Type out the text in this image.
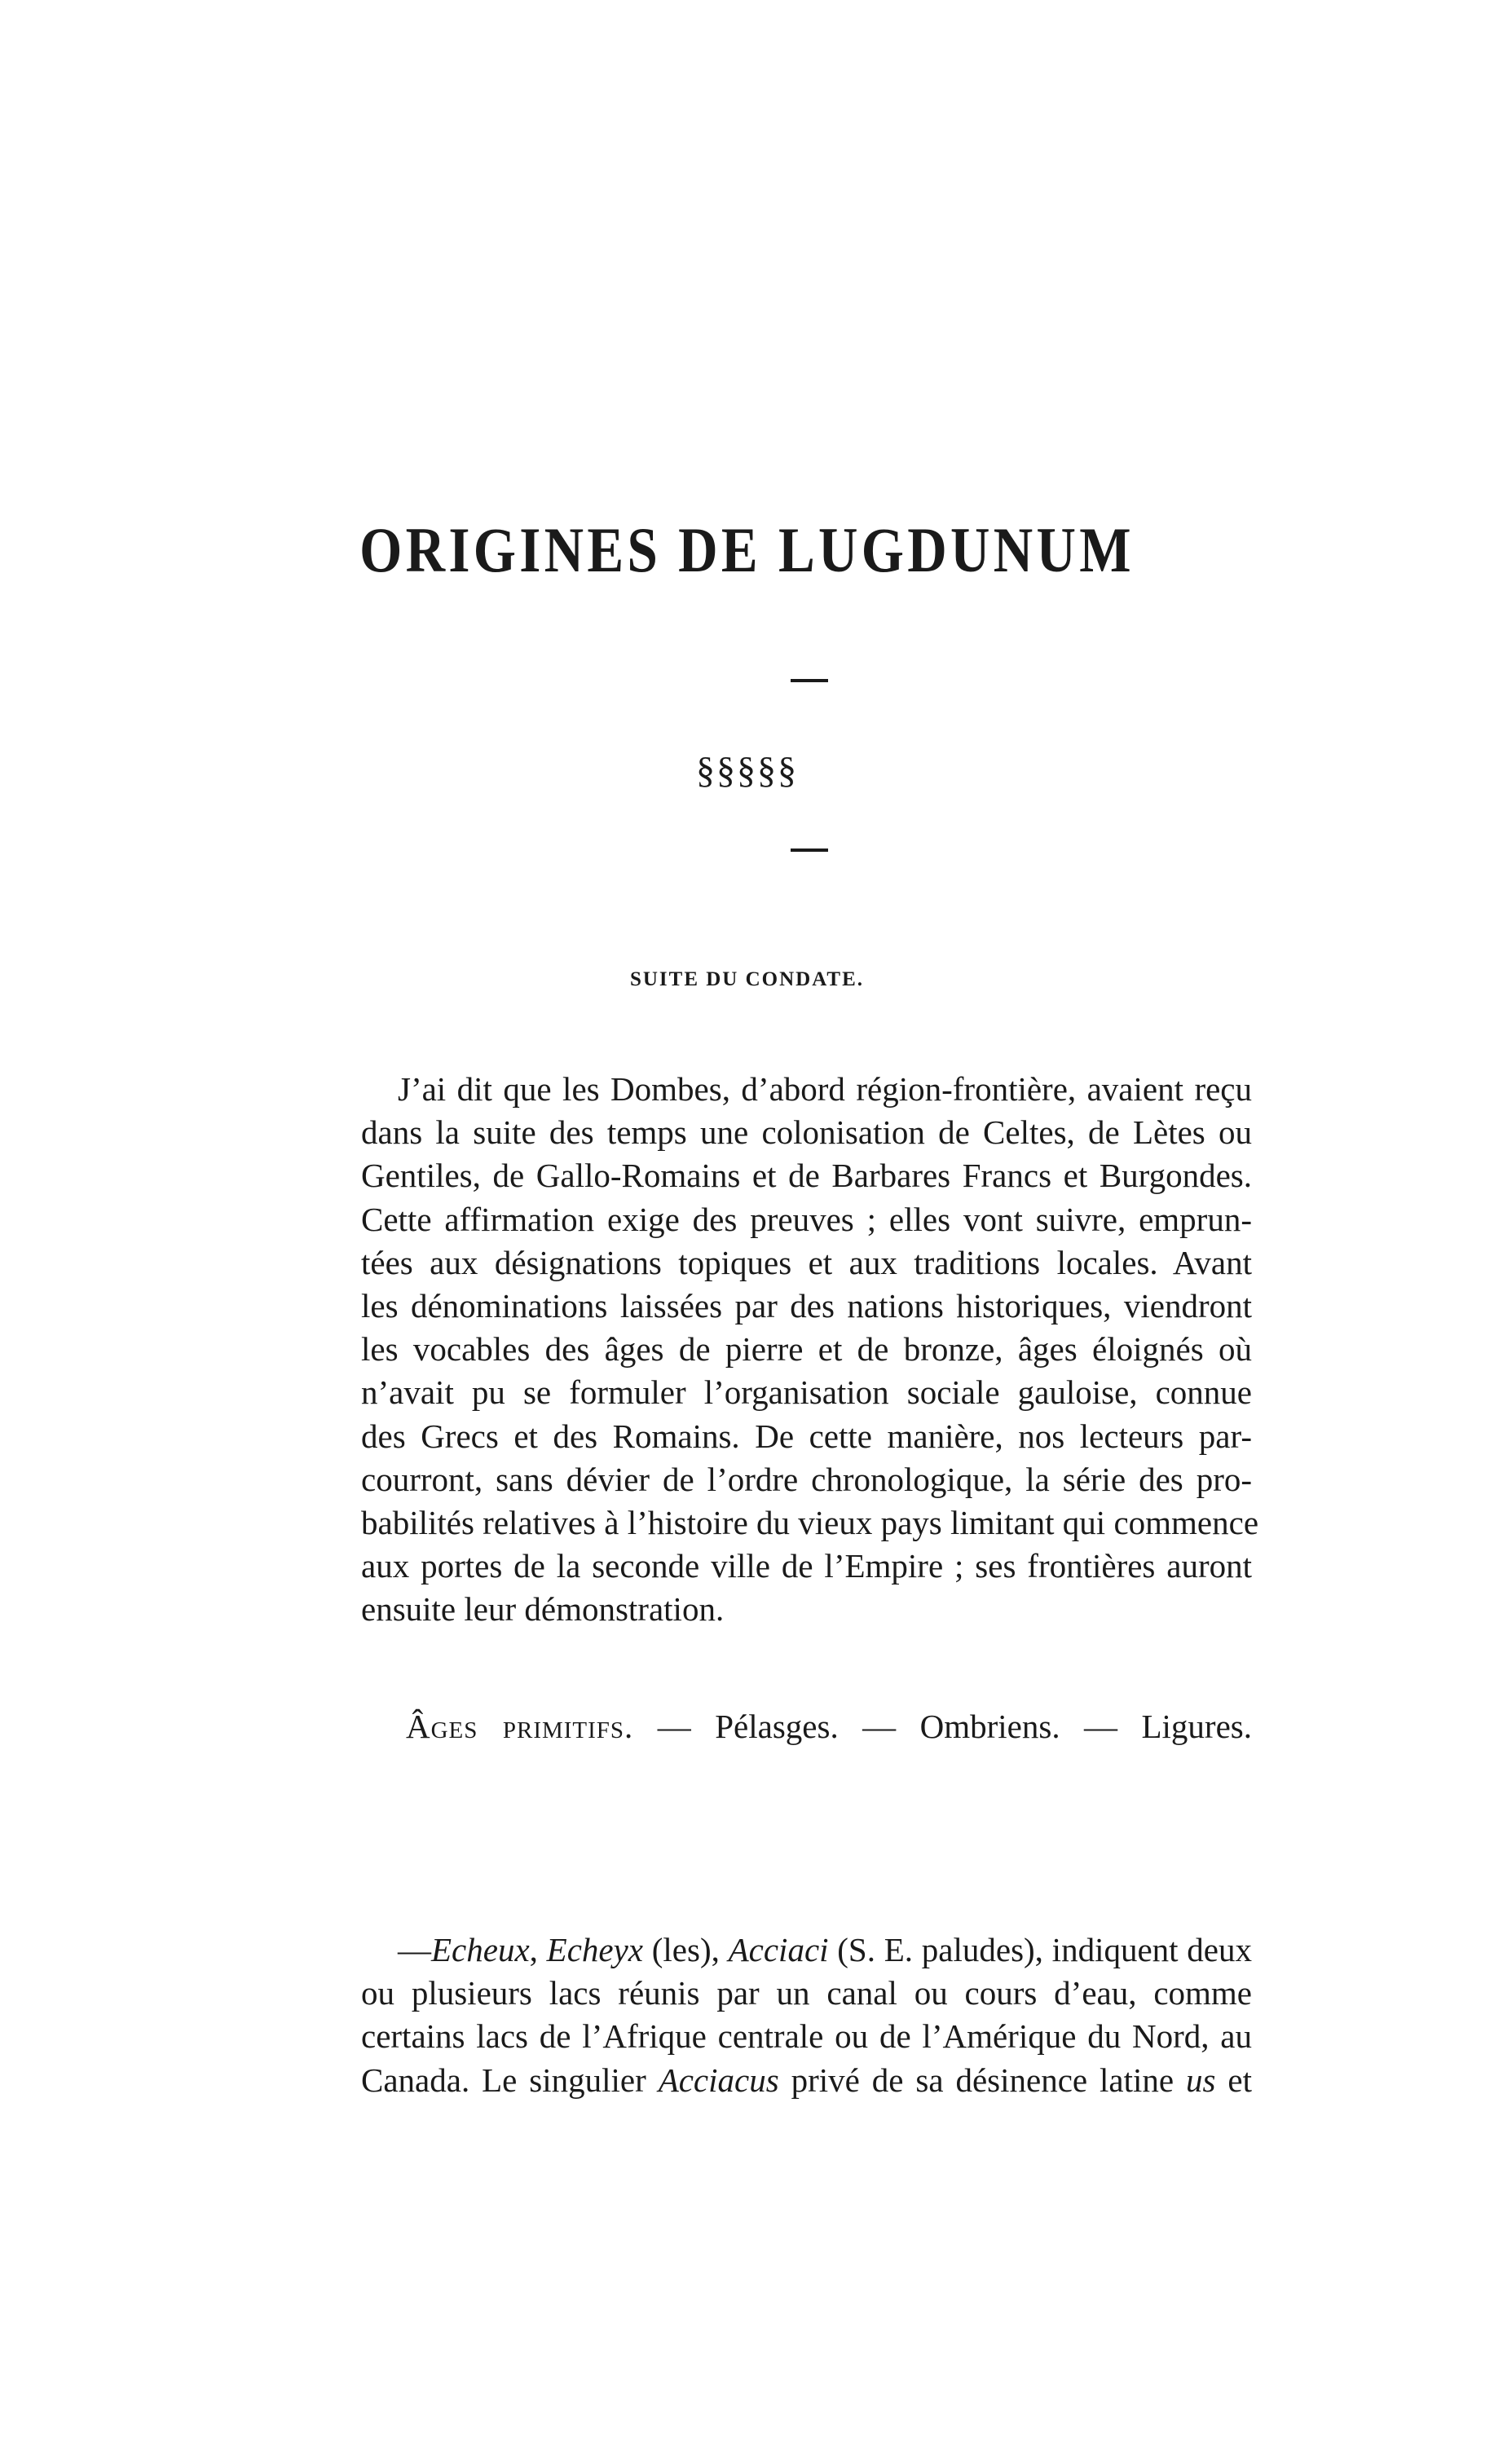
ORIGINES DE LUGDUNUM
§§§§§
SUITE DU CONDATE.
J’ai dit que les Dombes, d’abord région-frontière, avaient reçu
dans la suite des temps une colonisation de Celtes, de Lètes ou
Gentiles, de Gallo-Romains et de Barbares Francs et Burgondes.
Cette affirmation exige des preuves ; elles vont suivre, emprun-
tées aux désignations topiques et aux traditions locales. Avant
les dénominations laissées par des nations historiques, viendront
les vocables des âges de pierre et de bronze, âges éloignés où
n’avait pu se formuler l’organisation sociale gauloise, connue
des Grecs et des Romains. De cette manière, nos lecteurs par-
courront, sans dévier de l’ordre chronologique, la série des pro-
babilités relatives à l’histoire du vieux pays limitant qui commence
aux portes de la seconde ville de l’Empire ; ses frontières auront
ensuite leur démonstration.
Âges primitifs. — Pélasges. — Ombriens. — Ligures.
—Echeux, Echeyx (les), Acciaci (S. E. paludes), indiquent deux
ou plusieurs lacs réunis par un canal ou cours d’eau, comme
certains lacs de l’Afrique centrale ou de l’Amérique du Nord, au
Canada. Le singulier Acciacus privé de sa désinence latine us et
